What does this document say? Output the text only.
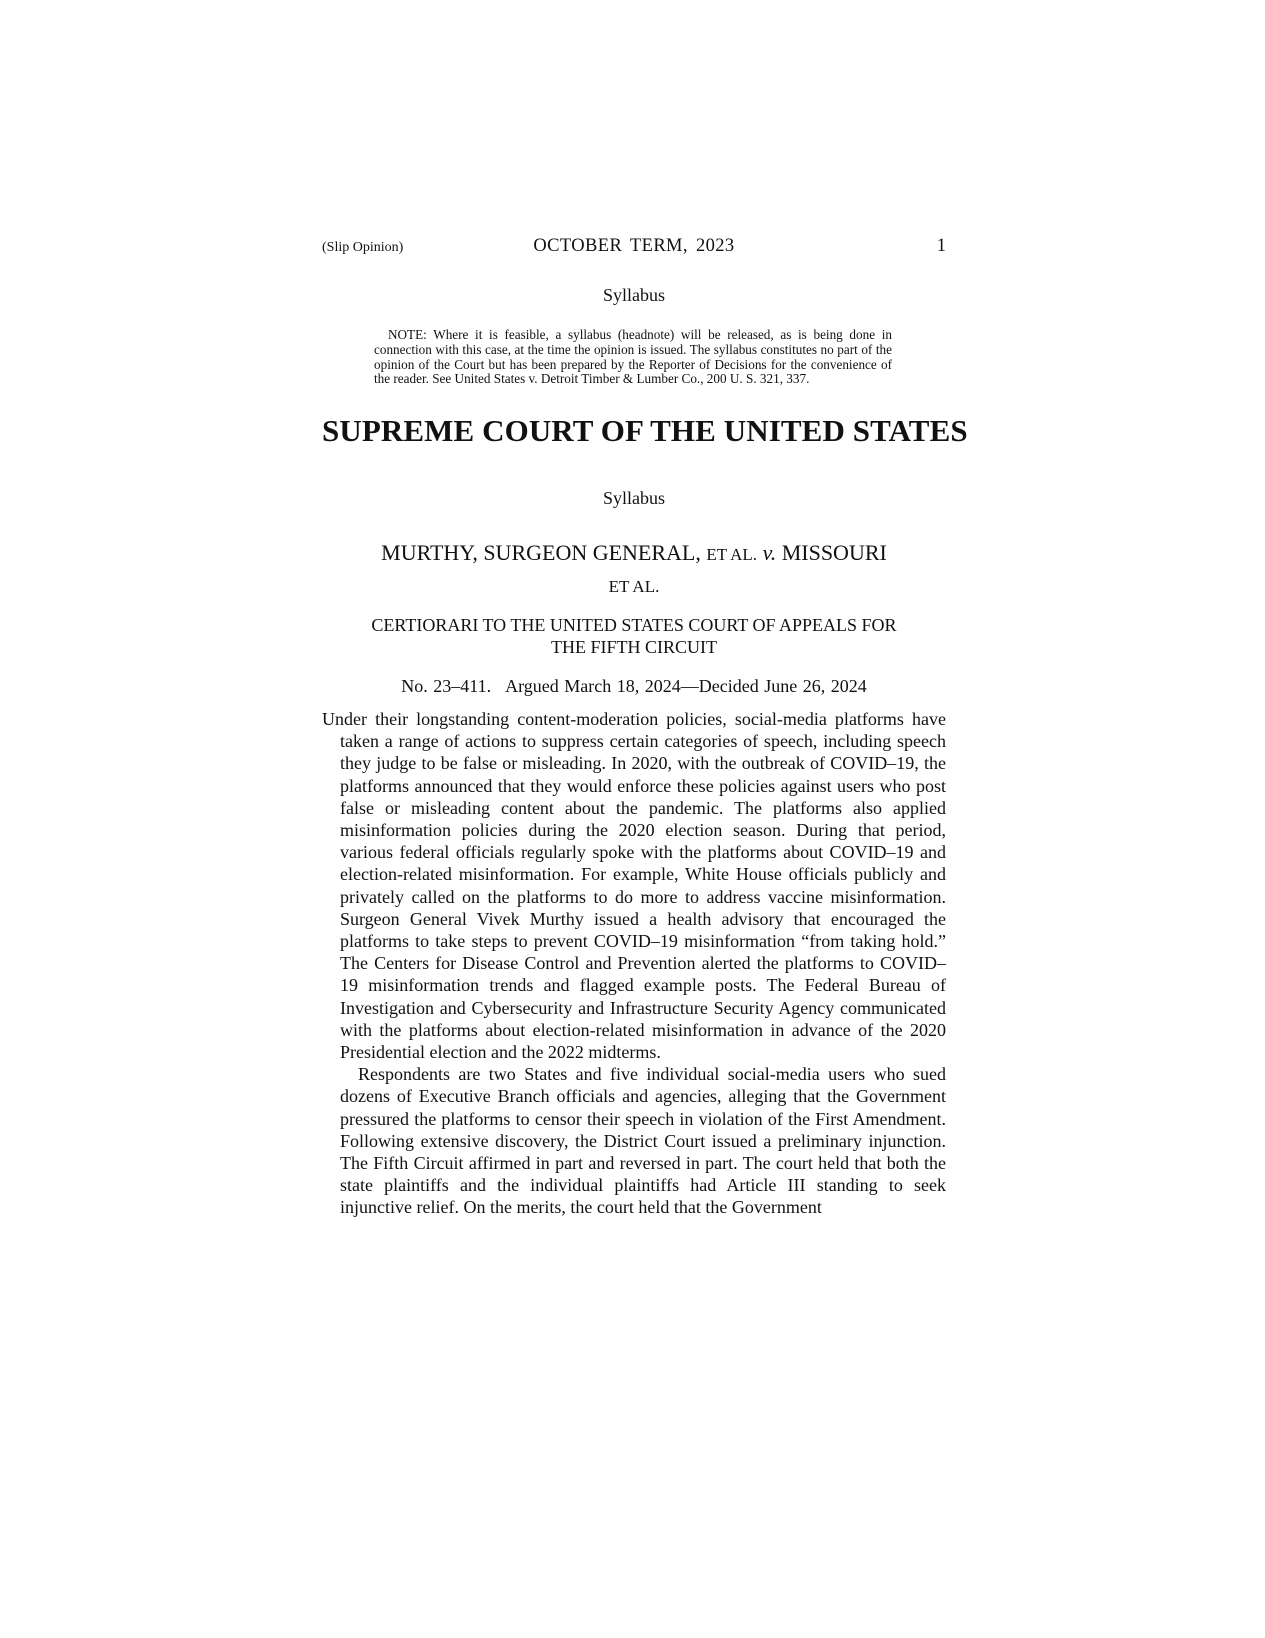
(Slip Opinion)	OCTOBER TERM, 2023	1
Syllabus
NOTE: Where it is feasible, a syllabus (headnote) will be released, as is being done in connection with this case, at the time the opinion is issued. The syllabus constitutes no part of the opinion of the Court but has been prepared by the Reporter of Decisions for the convenience of the reader. See United States v. Detroit Timber & Lumber Co., 200 U. S. 321, 337.
SUPREME COURT OF THE UNITED STATES
Syllabus
MURTHY, SURGEON GENERAL, ET AL. v. MISSOURI
ET AL.
CERTIORARI TO THE UNITED STATES COURT OF APPEALS FOR
THE FIFTH CIRCUIT
No. 23–411. Argued March 18, 2024—Decided June 26, 2024

Under their longstanding content-moderation policies, social-media platforms have taken a range of actions to suppress certain categories of speech, including speech they judge to be false or misleading. In 2020, with the outbreak of COVID–19, the platforms announced that they would enforce these policies against users who post false or misleading content about the pandemic. The platforms also applied misinformation policies during the 2020 election season. During that period, various federal officials regularly spoke with the platforms about COVID–19 and election-related misinformation. For example, White House officials publicly and privately called on the platforms to do more to address vaccine misinformation. Surgeon General Vivek Murthy issued a health advisory that encouraged the platforms to take steps to prevent COVID–19 misinformation “from taking hold.” The Centers for Disease Control and Prevention alerted the platforms to COVID–19 misinformation trends and flagged example posts. The Federal Bureau of Investigation and Cybersecurity and Infrastructure Security Agency communicated with the platforms about election-related misinformation in advance of the 2020 Presidential election and the 2022 midterms.

Respondents are two States and five individual social-media users who sued dozens of Executive Branch officials and agencies, alleging that the Government pressured the platforms to censor their speech in violation of the First Amendment. Following extensive discovery, the District Court issued a preliminary injunction. The Fifth Circuit affirmed in part and reversed in part. The court held that both the state plaintiffs and the individual plaintiffs had Article III standing to seek injunctive relief. On the merits, the court held that the Government
